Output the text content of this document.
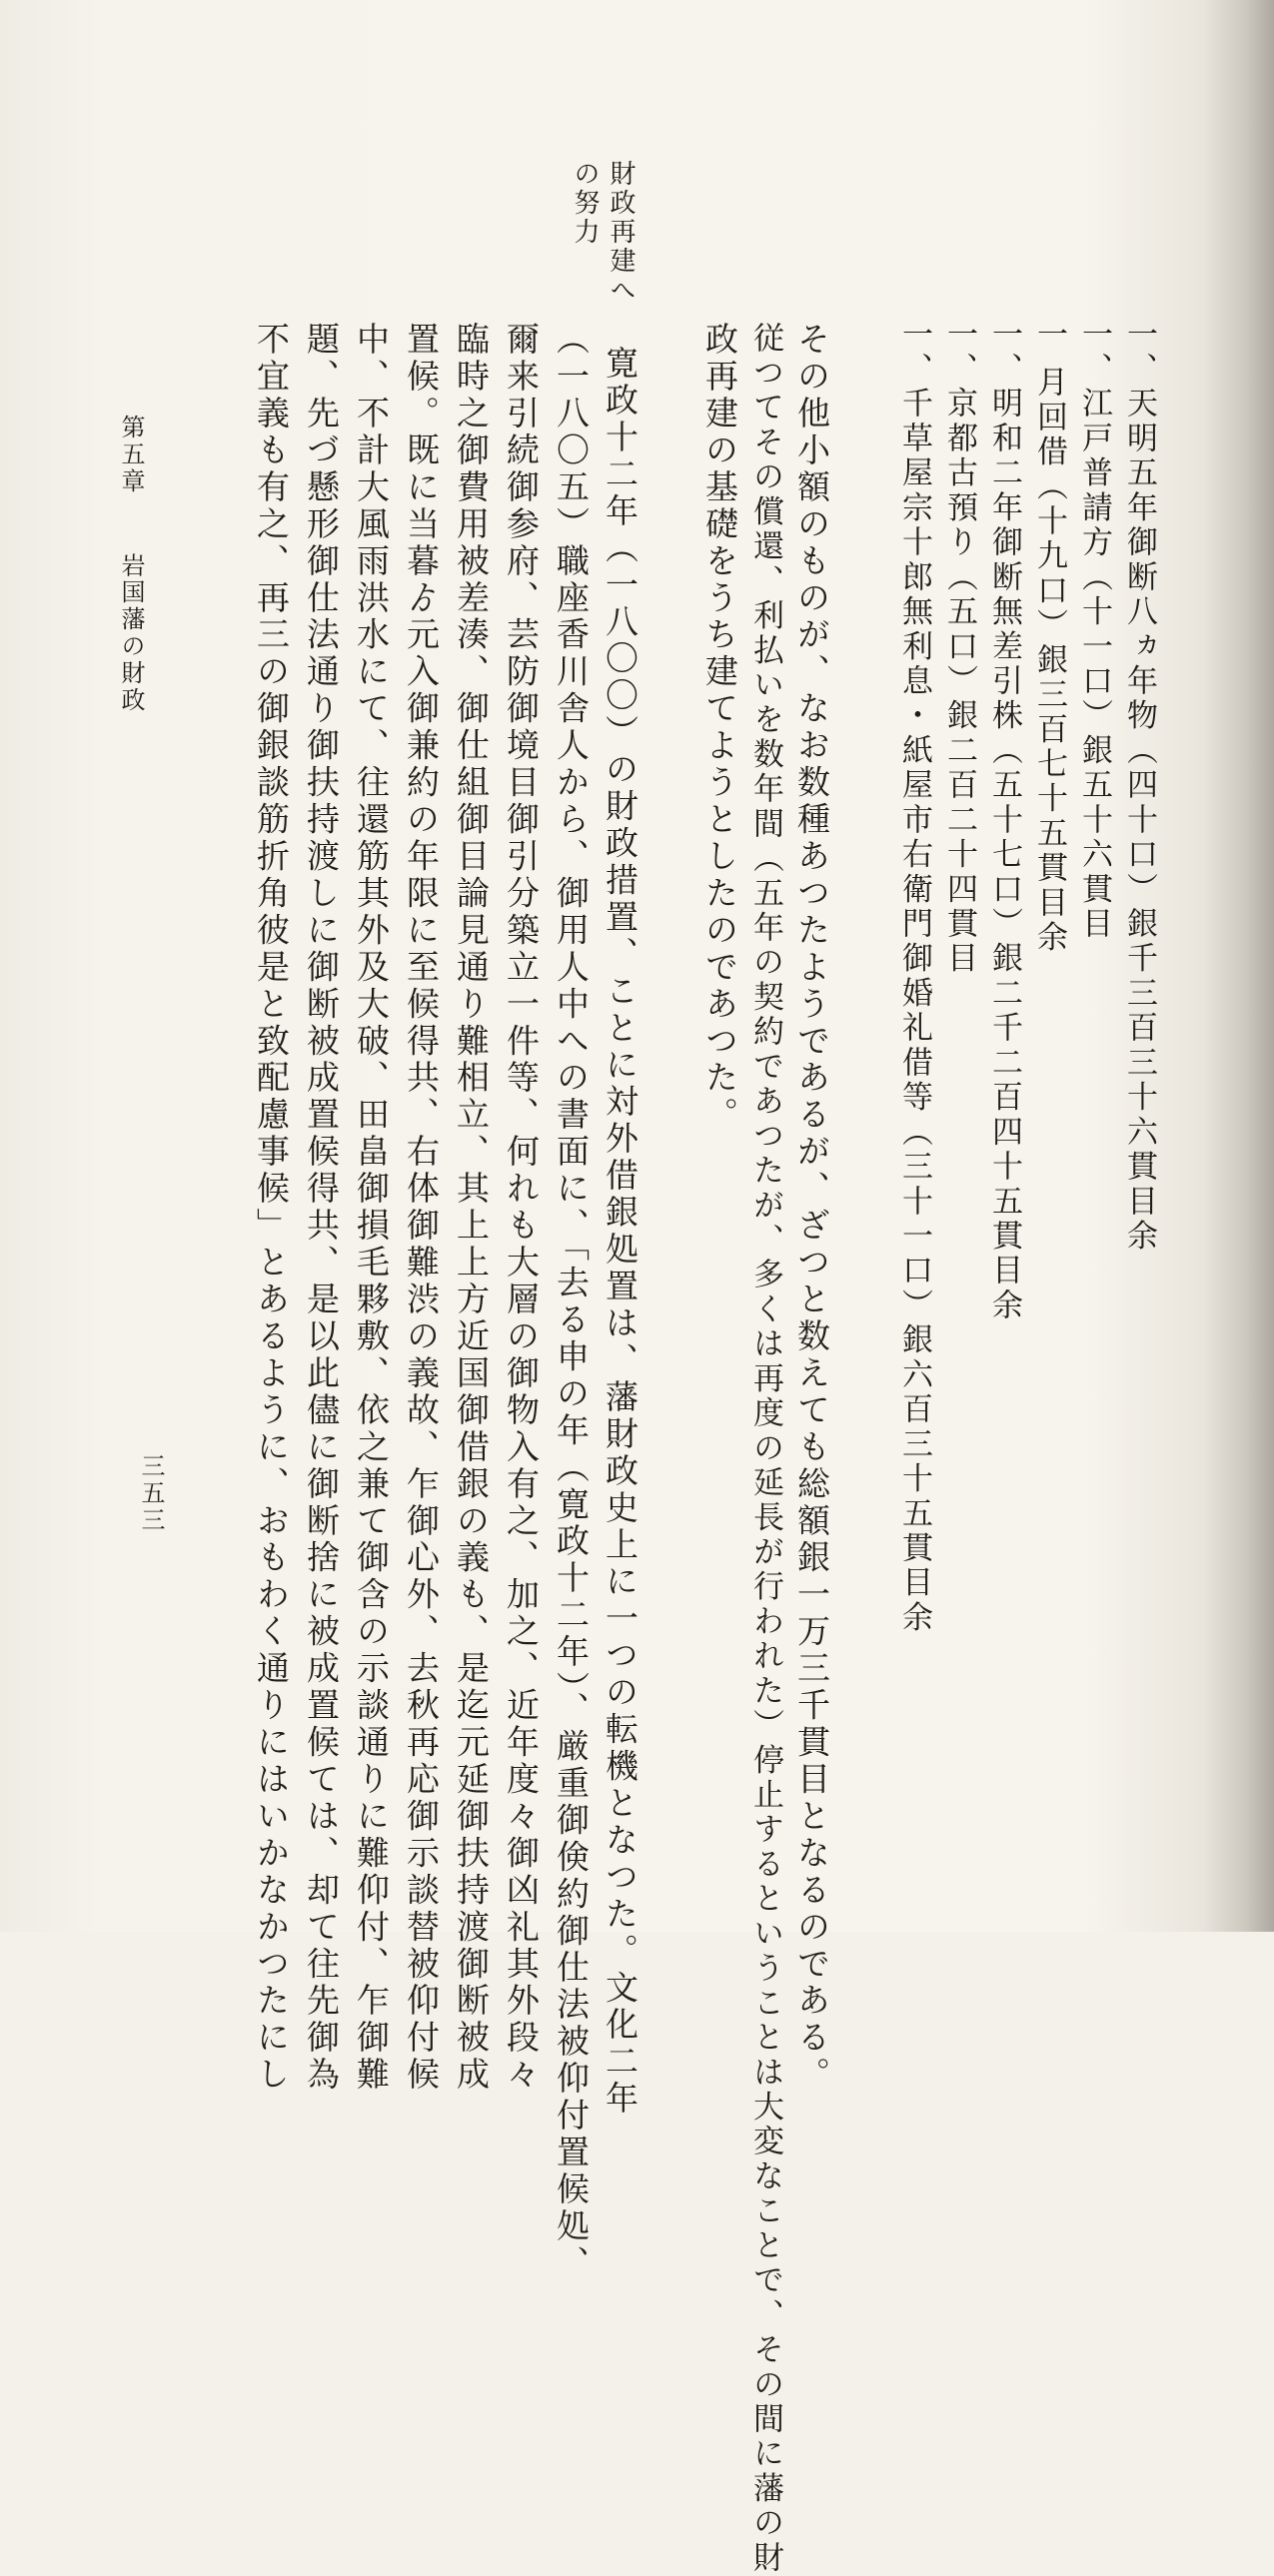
一、天明五年御断八ヵ年物（四十口）銀千三百三十六貫目余
一、江戸普請方（十一口）銀五十六貫目
一 月回借（十九口）銀三百七十五貫目余
一、明和二年御断無差引株（五十七口）銀二千二百四十五貫目余
一、京都古預り（五口）銀二百二十四貫目
一、千草屋宗十郎無利息・紙屋市右衛門御婚礼借等（三十一口）銀六百三十五貫目余
その他小額のものが、なお数種あつたようであるが、ざつと数えても総額銀一万三千貫目となるのである。
従つてその償還、利払いを数年間（五年の契約であつたが、多くは再度の延長が行われた）停止するということは大変なことで、その間に藩の財
政再建の基礎をうち建てようとしたのであつた。
財政再建へ
の努力
寛政十二年（一八〇〇）の財政措置、ことに対外借銀処置は、藩財政史上に一つの転機となつた。文化二年
（一八〇五）職座香川舎人から、御用人中への書面に、「去る申の年（寛政十二年）、厳重御倹約御仕法被仰付置候処、
爾来引続御参府、芸防御境目御引分築立一件等、何れも大層の御物入有之、加之、近年度々御凶礼其外段々
臨時之御費用被差湊、御仕組御目論見通り難相立、其上上方近国御借銀の義も、是迄元延御扶持渡御断被成
置候。既に当暮ゟ元入御兼約の年限に至候得共、右体御難渋の義故、乍御心外、去秋再応御示談替被仰付候
中、不計大風雨洪水にて、往還筋其外及大破、田畠御損毛夥敷、依之兼て御含の示談通りに難仰付、乍御難
題、先づ懸形御仕法通り御扶持渡しに御断被成置候得共、是以此儘に御断捨に被成置候ては、却て往先御為
不宜義も有之、再三の御銀談筋折角彼是と致配慮事候」とあるように、おもわく通りにはいかなかつたにし
第五章岩国藩の財政
三五三
